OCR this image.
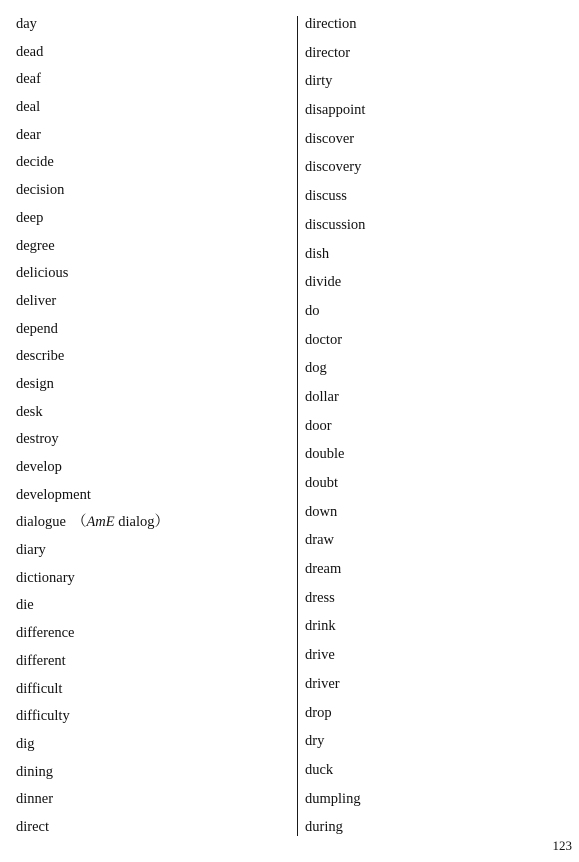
day
dead
deaf
deal
dear
decide
decision
deep
degree
delicious
deliver
depend
describe
design
desk
destroy
develop
development
dialogue （AmE dialog）
diary
dictionary
die
difference
different
difficult
difficulty
dig
dining
dinner
direct
direction
director
dirty
disappoint
discover
discovery
discuss
discussion
dish
divide
do
doctor
dog
dollar
door
double
doubt
down
draw
dream
dress
drink
drive
driver
drop
dry
duck
dumpling
during
123
